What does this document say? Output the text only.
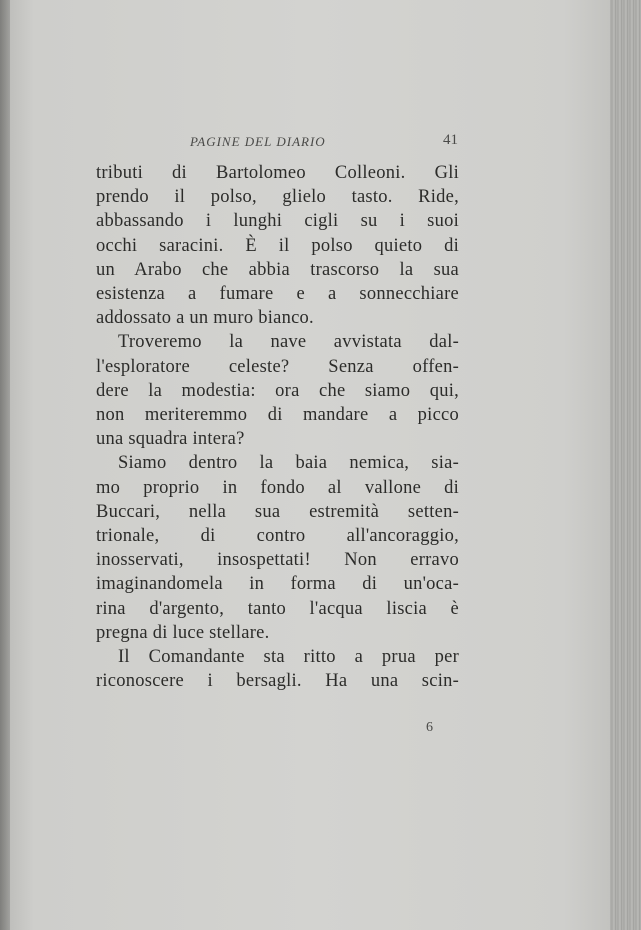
PAGINE DEL DIARIO	41

tributi di Bartolomeo Colleoni. Gli
prendo il polso, glielo tasto. Ride,
abbassando i lunghi cigli su i suoi
occhi saracini. È il polso quieto di
un Arabo che abbia trascorso la sua
esistenza a fumare e a sonnecchiare
addossato a un muro bianco.

Troveremo la nave avvistata dal-
l'esploratore celeste? Senza offen-
dere la modestia: ora che siamo qui,
non meriteremmo di mandare a picco
una squadra intera?

Siamo dentro la baia nemica, sia-
mo proprio in fondo al vallone di
Buccari, nella sua estremità setten-
trionale, di contro all'ancoraggio,
inosservati, insospettati! Non erravo
imaginandomela in forma di un'oca-
rina d'argento, tanto l'acqua liscia è
pregna di luce stellare.

Il Comandante sta ritto a prua per
riconoscere i bersagli. Ha una scin-

6
